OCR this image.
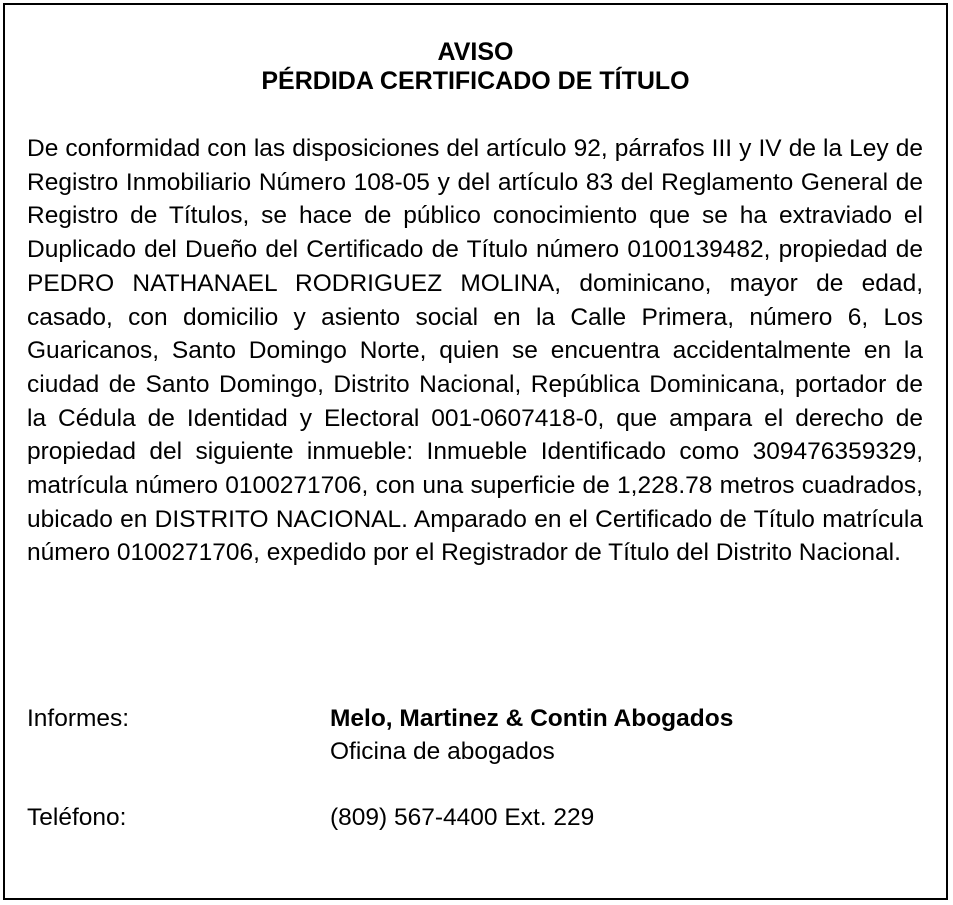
AVISO
PÉRDIDA CERTIFICADO DE TÍTULO

De conformidad con las disposiciones del artículo 92, párrafos III y IV de la Ley de Registro Inmobiliario Número 108-05 y del artículo 83 del Reglamento General de Registro de Títulos, se hace de público conocimiento que se ha extraviado el Duplicado del Dueño del Certificado de Título número 0100139482, propiedad de PEDRO NATHANAEL RODRIGUEZ MOLINA, dominicano, mayor de edad, casado, con domicilio y asiento social en la Calle Primera, número 6, Los Guaricanos, Santo Domingo Norte, quien se encuentra accidentalmente en la ciudad de Santo Domingo, Distrito Nacional, República Dominicana, portador de la Cédula de Identidad y Electoral 001-0607418-0, que ampara el derecho de propiedad del siguiente inmueble: Inmueble Identificado como 309476359329, matrícula número 0100271706, con una superficie de 1,228.78 metros cuadrados, ubicado en DISTRITO NACIONAL. Amparado en el Certificado de Título matrícula número 0100271706, expedido por el Registrador de Título del Distrito Nacional.

Informes:	Melo, Martinez & Contin Abogados
Oficina de abogados
Teléfono:	(809) 567-4400 Ext. 229
